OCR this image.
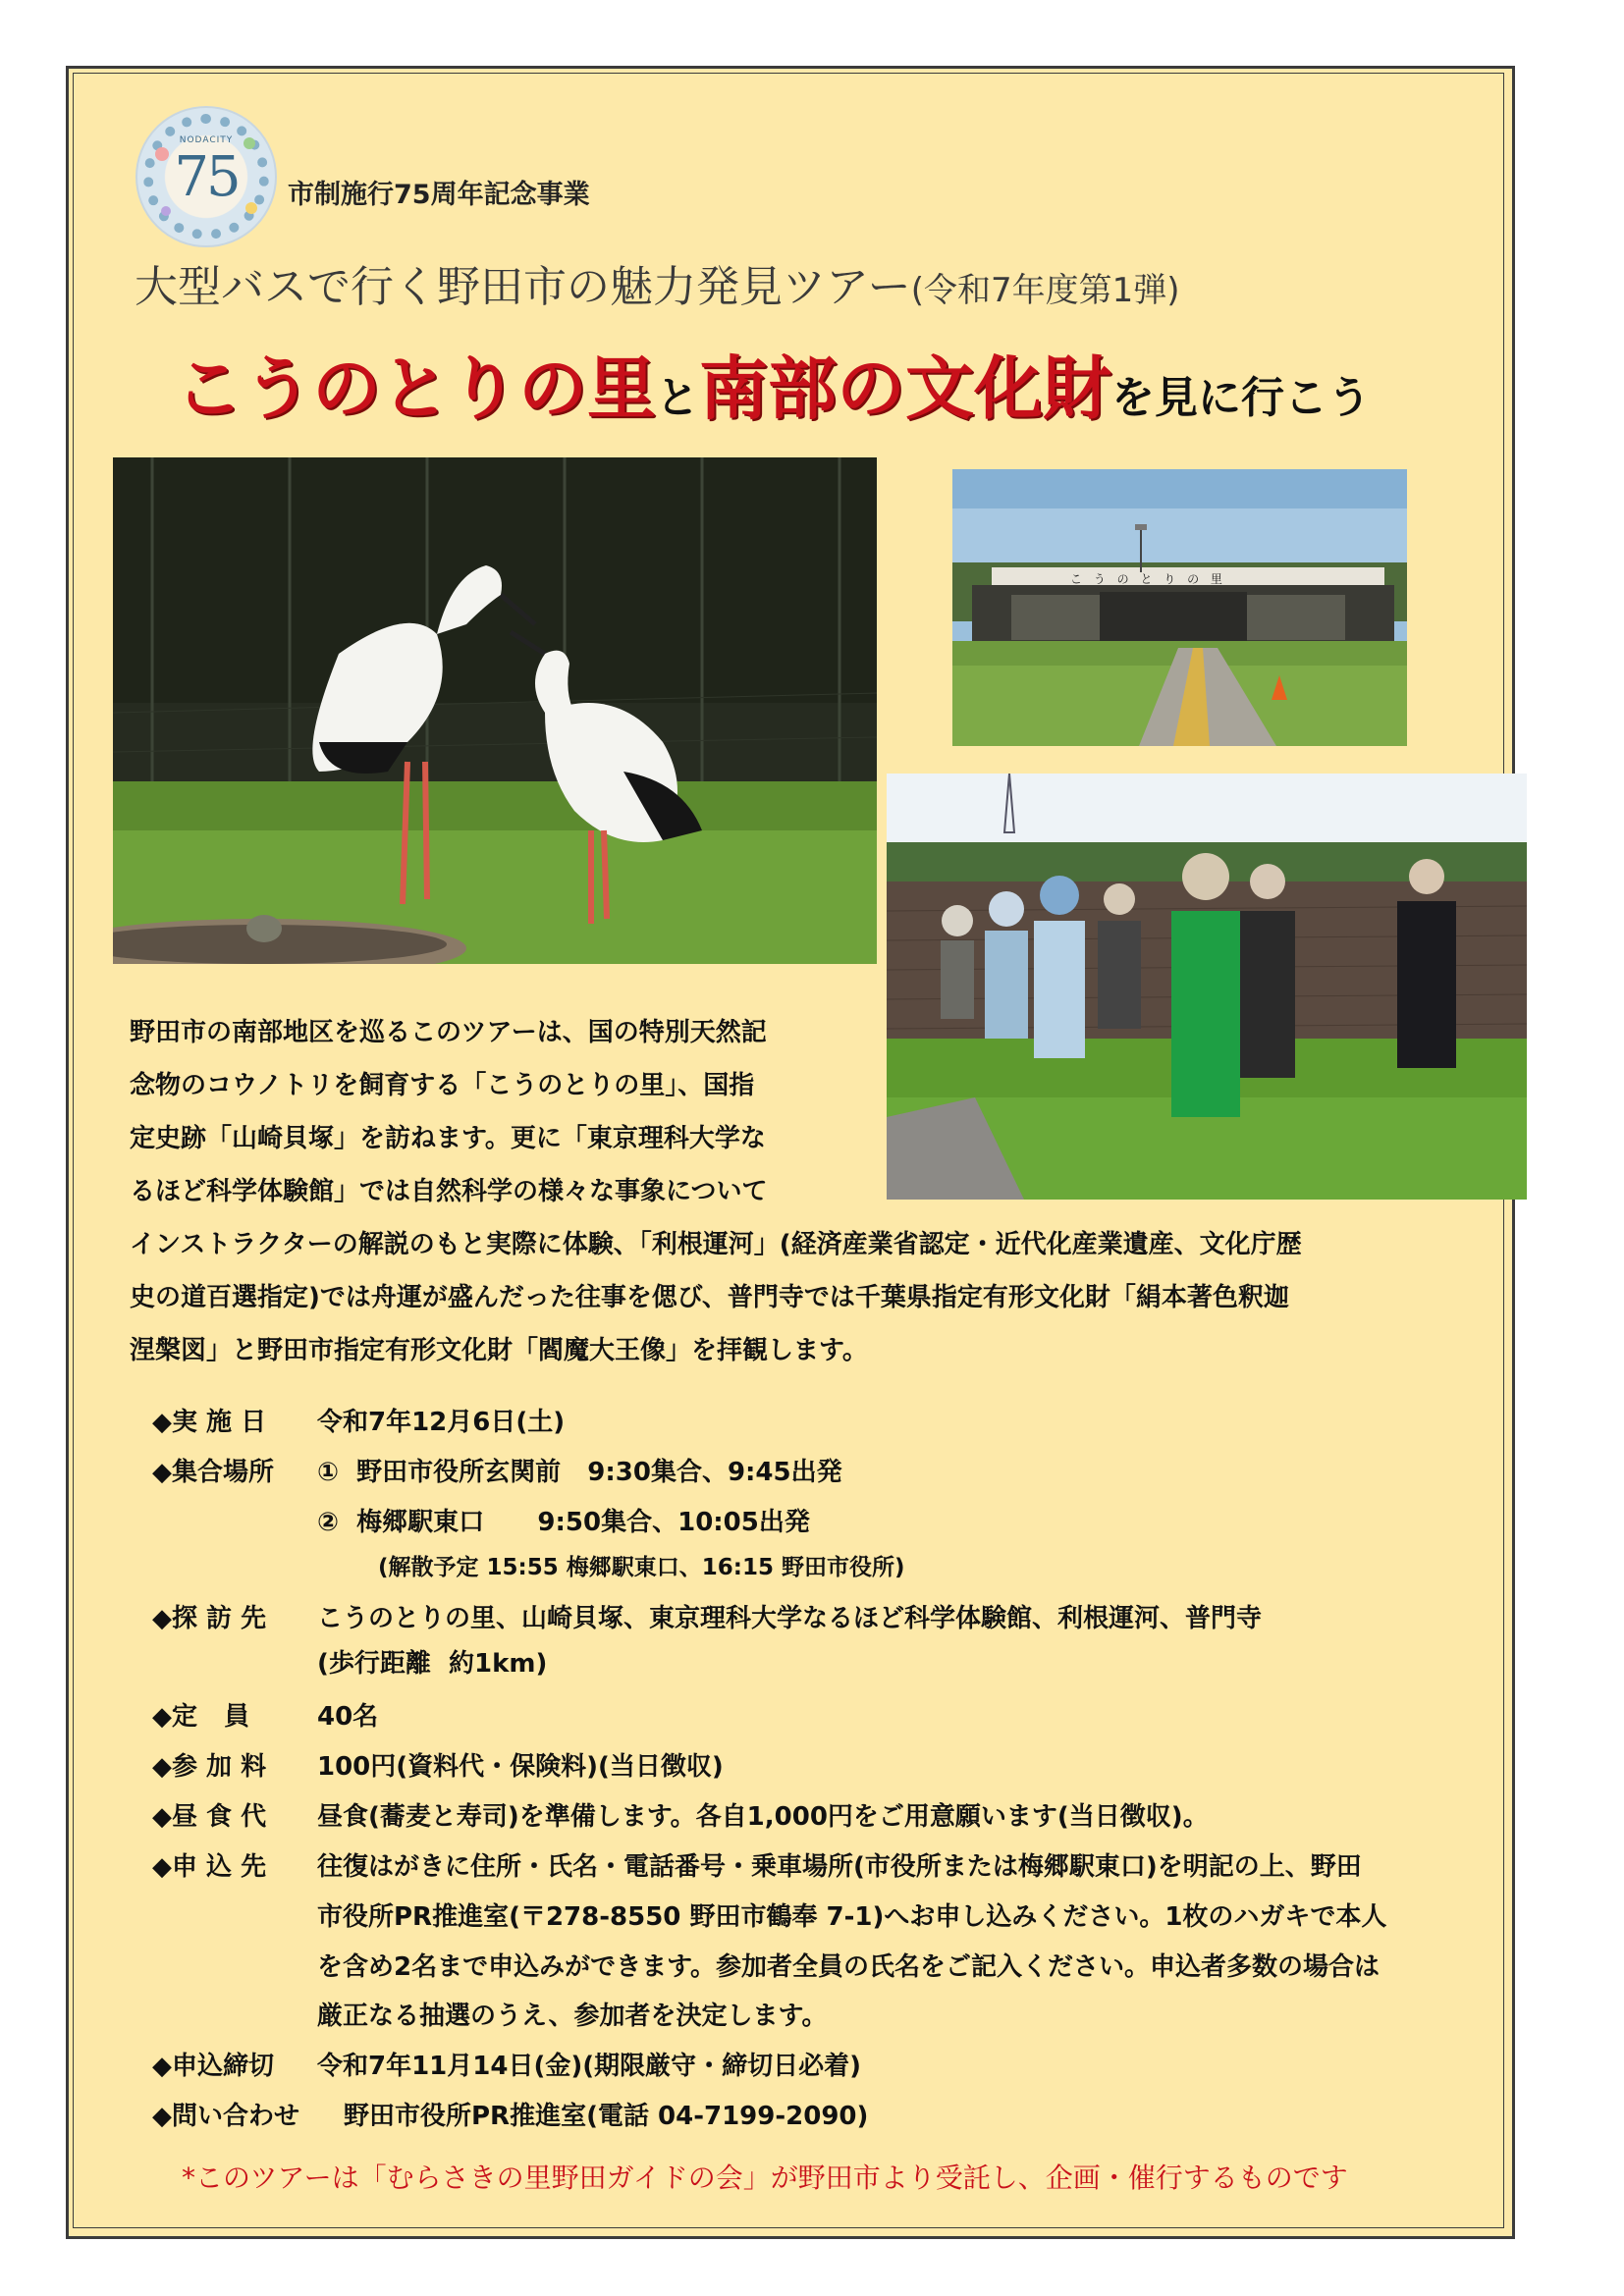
NODACITY
75	市制施行75周年記念事業
大型バスで行く野田市の魅力発見ツアー(令和7年度第1弾)
こうのとりの里と南部の文化財を見に行こう
こ う の と り の 里
野田市の南部地区を巡るこのツアーは、国の特別天然記
念物のコウノトリを飼育する「こうのとりの里」、国指
定史跡「山崎貝塚」を訪ねます。更に「東京理科大学な
るほど科学体験館」では自然科学の様々な事象について
インストラクターの解説のもと実際に体験、「利根運河」(経済産業省認定・近代化産業遺産、文化庁歴
史の道百選指定)では舟運が盛んだった往事を偲び、普門寺では千葉県指定有形文化財「絹本著色釈迦
涅槃図」と野田市指定有形文化財「閻魔大王像」を拝観します。
◆実 施 日 令和7年12月6日(土)
◆集合場所 ①  野田市役所玄関前   9:30集合、9:45出発
②  梅郷駅東口      9:50集合、10:05出発
(解散予定 15:55 梅郷駅東口、16:15 野田市役所)
◆探 訪 先 こうのとりの里、山崎貝塚、東京理科大学なるほど科学体験館、利根運河、普門寺
(歩行距離  約1km)
◆定   員	40名
◆参 加 料 100円(資料代・保険料)(当日徴収)
◆昼 食 代 昼食(蕎麦と寿司)を準備します。各自1,000円をご用意願います(当日徴収)。
◆申 込 先 往復はがきに住所・氏名・電話番号・乗車場所(市役所または梅郷駅東口)を明記の上、野田
市役所PR推進室(〒278-8550 野田市鶴奉 7-1)へお申し込みください。1枚のハガキで本人
を含め2名まで申込みができます。参加者全員の氏名をご記入ください。申込者多数の場合は
厳正なる抽選のうえ、参加者を決定します。
◆申込締切 令和7年11月14日(金)(期限厳守・締切日必着)
◆問い合わせ 野田市役所PR推進室(電話 04-7199-2090)
*このツアーは「むらさきの里野田ガイドの会」が野田市より受託し、企画・催行するものです
